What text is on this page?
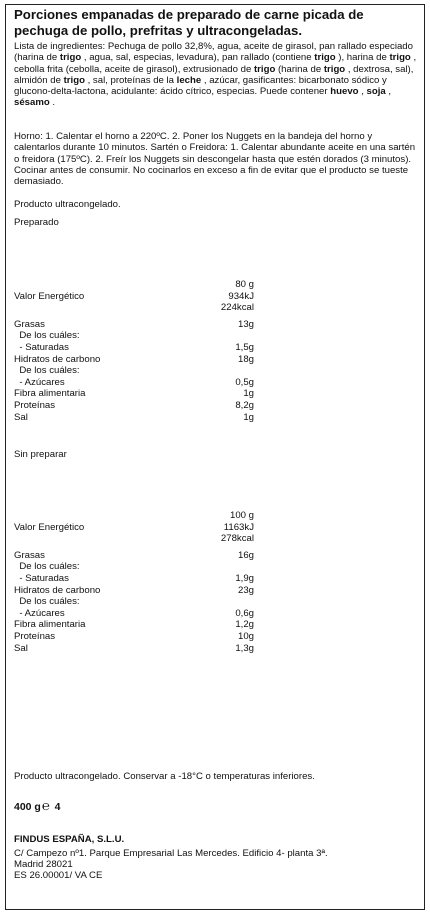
Porciones empanadas de preparado de carne picada de pechuga de pollo, prefritas y ultracongeladas.
Lista de ingredientes: Pechuga de pollo 32,8%, agua, aceite de girasol, pan rallado especiado (harina de trigo , agua, sal, especias, levadura), pan rallado (contiene trigo ), harina de trigo , cebolla frita (cebolla, aceite de girasol), extrusionado de trigo (harina de trigo , dextrosa, sal), almidón de trigo , sal, proteínas de la leche , azúcar, gasificantes: bicarbonato sódico y glucono-delta-lactona, acidulante: ácido cítrico, especias. Puede contener huevo , soja , sésamo .
Horno: 1. Calentar el horno a 220ºC. 2. Poner los Nuggets en la bandeja del horno y calentarlos durante 10 minutos. Sartén o Freidora: 1. Calentar abundante aceite en una sartén o freidora (175ºC). 2. Freír los Nuggets sin descongelar hasta que estén dorados (3 minutos). Cocinar antes de consumir. No cocinarlos en exceso a fin de evitar que el producto se tueste demasiado.
Producto ultracongelado.
Preparado
Sin preparar
Producto ultracongelado. Conservar a -18°C o temperaturas inferiores.
400 g℮ 4
FINDUS ESPAÑA, S.L.U.
C/ Campezo nº1. Parque Empresarial Las Mercedes. Edificio 4- planta 3ª.
Madrid 28021
ES 26.00001/ VA CE
80 g
Valor Energético	934kJ
224kcal
Grasas	13g
De los cuáles:
- Saturadas	1,5g
Hidratos de carbono	18g
De los cuáles:
- Azúcares	0,5g
Fibra alimentaria	1g
Proteínas	8,2g
Sal	1g
100 g
Valor Energético	1163kJ
278kcal
Grasas	16g
De los cuáles:
- Saturadas	1,9g
Hidratos de carbono	23g
De los cuáles:
- Azúcares	0,6g
Fibra alimentaria	1,2g
Proteínas	10g
Sal	1,3g
